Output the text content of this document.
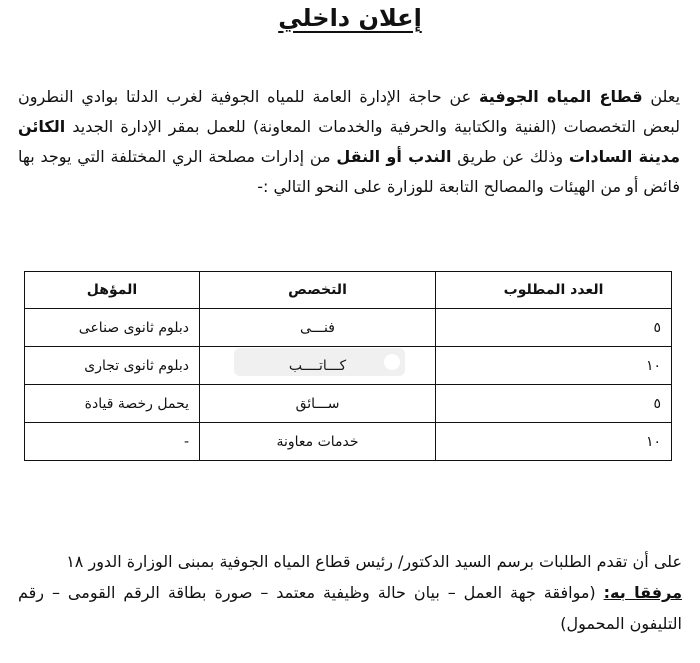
إعلان داخلي
يعلن قطاع المياه الجوفية عن حاجة الإدارة العامة للمياه الجوفية لغرب الدلتا بوادي النطرون لبعض التخصصات (الفنية والكتابية والحرفية والخدمات المعاونة) للعمل بمقر الإدارة الجديد الكائن مدينة السادات وذلك عن طريق الندب أو النقل من إدارات مصلحة الري المختلفة التي يوجد بها فائض أو من الهيئات والمصالح التابعة للوزارة على النحو التالي :-
العدد المطلوب	التخصص	المؤهل
٥	فنـــى	دبلوم ثانوى صناعى
١٠	كـــاتــــب	دبلوم ثانوى تجارى
٥	ســـائق	يحمل رخصة قيادة
١٠	خدمات معاونة	-
على أن تقدم الطلبات برسم السيد الدكتور/ رئيس قطاع المياه الجوفية بمبنى الوزارة الدور ١٨
مرفقا به: (موافقة جهة العمل – بيان حالة وظيفية معتمد – صورة بطاقة الرقم القومى – رقم التليفون المحمول)
